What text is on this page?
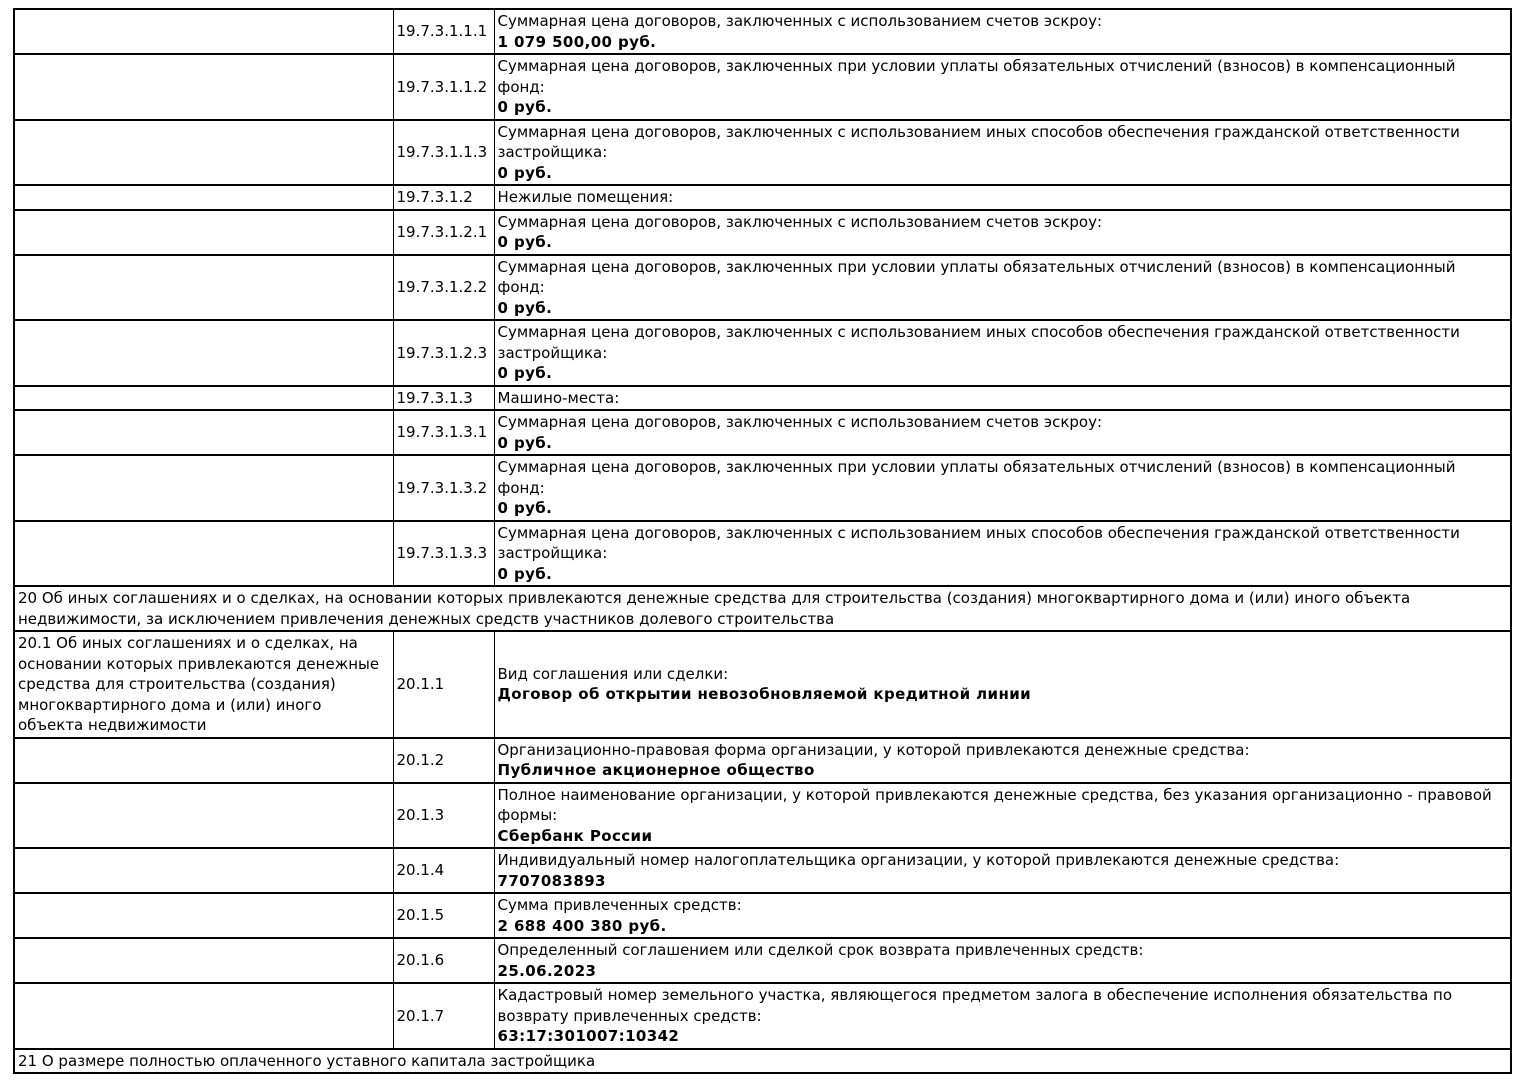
	19.7.3.1.1.1	Суммарная цена договоров, заключенных с использованием счетов эскроу:
1 079 500,00 руб.

	19.7.3.1.1.2	Суммарная цена договоров, заключенных при условии уплаты обязательных отчислений (взносов) в компенсационный фонд:
0 руб.

	19.7.3.1.1.3	Суммарная цена договоров, заключенных с использованием иных способов обеспечения гражданской ответственности застройщика:
0 руб.

	19.7.3.1.2	Нежилые помещения:

	19.7.3.1.2.1	Суммарная цена договоров, заключенных с использованием счетов эскроу:
0 руб.

	19.7.3.1.2.2	Суммарная цена договоров, заключенных при условии уплаты обязательных отчислений (взносов) в компенсационный фонд:
0 руб.

	19.7.3.1.2.3	Суммарная цена договоров, заключенных с использованием иных способов обеспечения гражданской ответственности застройщика:
0 руб.

	19.7.3.1.3	Машино-места:

	19.7.3.1.3.1	Суммарная цена договоров, заключенных с использованием счетов эскроу:
0 руб.

	19.7.3.1.3.2	Суммарная цена договоров, заключенных при условии уплаты обязательных отчислений (взносов) в компенсационный фонд:
0 руб.

	19.7.3.1.3.3	Суммарная цена договоров, заключенных с использованием иных способов обеспечения гражданской ответственности застройщика:
0 руб.

20 Об иных соглашениях и о сделках, на основании которых привлекаются денежные средства для строительства (создания) многоквартирного дома и (или) иного объекта недвижимости, за исключением привлечения денежных средств участников долевого строительства		
20.1 Об иных соглашениях и о сделках, на основании которых привлекаются денежные средства для строительства (создания) многоквартирного дома и (или) иного объекта недвижимости	20.1.1	Вид соглашения или сделки:
Договор об открытии невозобновляемой кредитной линии

	20.1.2	Организационно-правовая форма организации, у которой привлекаются денежные средства:
Публичное акционерное общество

	20.1.3	Полное наименование организации, у которой привлекаются денежные средства, без указания организационно - правовой формы:
Сбербанк России

	20.1.4	Индивидуальный номер налогоплательщика организации, у которой привлекаются денежные средства:
7707083893

	20.1.5	Сумма привлеченных средств:
2 688 400 380 руб.

	20.1.6	Определенный соглашением или сделкой срок возврата привлеченных средств:
25.06.2023

	20.1.7	Кадастровый номер земельного участка, являющегося предметом залога в обеспечение исполнения обязательства по возврату привлеченных средств:
63:17:301007:10342

21 О размере полностью оплаченного уставного капитала застройщика		
